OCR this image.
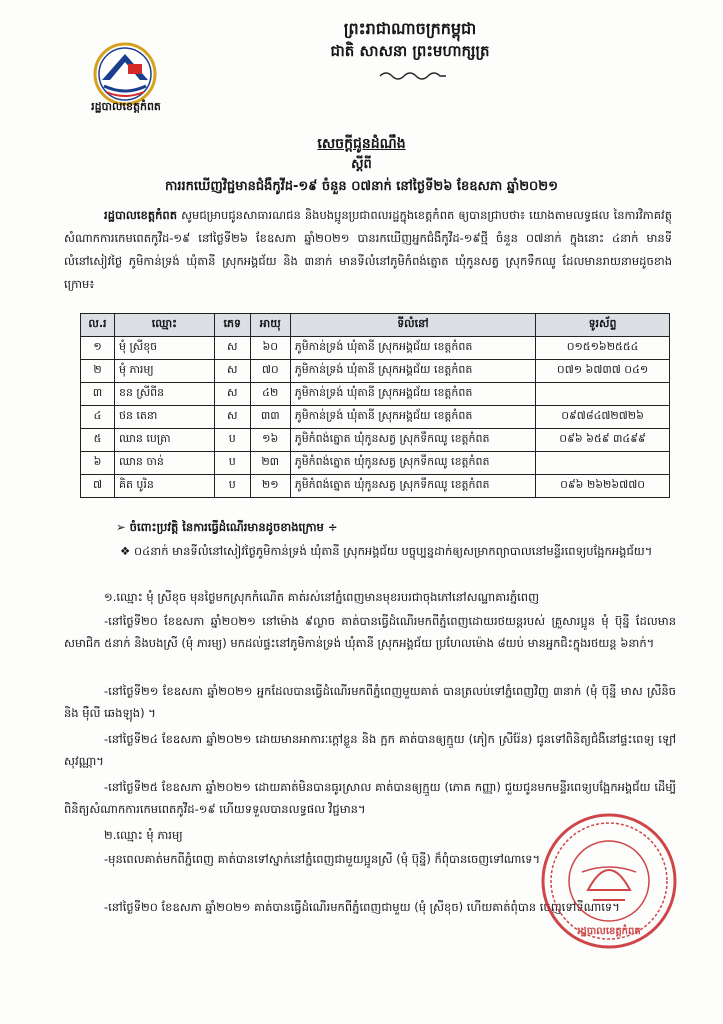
រដ្ឋបាលខេត្តកំពត
ព្រះរាជាណាចក្រកម្ពុជា
ជាតិ សាសនា ព្រះមហាក្សត្រ
សេចក្តីជូនដំណឹង
ស្តីពី
ការរកឃើញវិជ្ជមានជំងឺកូវីដ-១៩ ចំនួន ០៧នាក់ នៅថ្ងៃទី២៦ ខែឧសភា ឆ្នាំ២០២១
រដ្ឋបាលខេត្តកំពត សូមជម្រាបជូនសាធារណជន និងបងប្អូនប្រជាពលរដ្ឋក្នុងខេត្តកំពត ឲ្យបានជ្រាបថា៖ យោងតាមលទ្ធផល នៃការវិភាគវត្ថុសំណាកការកេមពេតកូវីដ-១៩ នៅថ្ងៃទី២៦ ខែឧសភា ឆ្នាំ២០២១ បានរកឃើញអ្នកជំងឺកូវីដ-១៩ថ្មី ចំនួន ០៧នាក់ ក្នុងនោះ ៤នាក់ មានទីលំនៅសៀវថ្ងៃ ភូមិកាន់ទ្រង់ ឃុំតានី ស្រុកអង្គជ័យ និង ៣នាក់ មានទីលំនៅភូមិកំពង់ត្នោត ឃុំកូនសត្វ ស្រុកទឹកឈូ ដែលមានរាយនាមដូចខាងក្រោម៖
ល.រ	ឈ្មោះ	ភេទ	អាយុ	ទីលំនៅ	ទូរស័ព្ទ
១	មុំ ស្រីខុច	ស	៦០	ភូមិកាន់ទ្រង់ ឃុំតានី ស្រុកអង្គជ័យ ខេត្តកំពត	០១៥១៦២៥៥៤
២	មុំ ភារម្យ	ស	៧០	ភូមិកាន់ទ្រង់ ឃុំតានី ស្រុកអង្គជ័យ ខេត្តកំពត	០៧១ ៦៧៣៧ ០៤១
៣	ខន ស្រីពីន	ស	៤២	ភូមិកាន់ទ្រង់ ឃុំតានី ស្រុកអង្គជ័យ ខេត្តកំពត	
៤	ថន តេនា	ស	៣៣	ភូមិកាន់ទ្រង់ ឃុំតានី ស្រុកអង្គជ័យ ខេត្តកំពត	០៩៧៨៤៧២៧២៦
៥	ឈាន បេត្រា	ប	១៦	ភូមិកំពង់ត្នោត ឃុំកូនសត្វ ស្រុកទឹកឈូ ខេត្តកំពត	០៩៦ ៦៥៩ ៣៤៩៩
៦	ឈាន ចាន់	ប	២៣	ភូមិកំពង់ត្នោត ឃុំកូនសត្វ ស្រុកទឹកឈូ ខេត្តកំពត	
៧	គិត បូរិន	ប	២១	ភូមិកំពង់ត្នោត ឃុំកូនសត្វ ស្រុកទឹកឈូ ខេត្តកំពត	០៩៦ ២៦២៦៧៧០
➢ ចំពោះប្រវត្តិ នៃការធ្វើដំណើរមានដូចខាងក្រោម ÷
❖ ០៤នាក់ មានទីលំនៅសៀវថ្ងៃភូមិកាន់ទ្រង់ ឃុំតានី ស្រុកអង្គជ័យ បច្ចុប្បន្នដាក់ឲ្យសម្រាកព្យាបាលនៅមន្ទីរពេទ្យបង្អែកអង្គជ័យ។
១.ឈ្មោះ មុំ ស្រីខុច មុនថ្ងៃមកស្រុកកំណើត គាត់រស់នៅភ្នំពេញមានមុខរបរជាចុងភៅនៅសណ្ឋាគារភ្នំពេញ
-នៅថ្ងៃទី២០ ខែឧសភា ឆ្នាំ២០២១ នៅម៉ោង ៩ល្ងាច គាត់បានធ្វើដំណើរមកពីភ្នំពេញដោយរថយន្តរបស់ គ្រួសារប្អូន មុំ ប៊ុន្នី ដែលមានសមាជិក ៥នាក់ និងបងស្រី (មុំ ភារម្យ) មកដល់ផ្ទះនៅភូមិកាន់ទ្រង់ ឃុំតានី ស្រុកអង្គជ័យ ប្រហែលម៉ោង ៨យប់ មានអ្នកជិះក្នុងរថយន្ត ៦នាក់។
-នៅថ្ងៃទី២១ ខែឧសភា ឆ្នាំ២០២១ អ្នកដែលបានធ្វើដំណើរមកពីភ្នំពេញមួយគាត់ បានត្រលប់ទៅភ្នំពេញវិញ ៣នាក់ (មុំ ប៊ុន្នី មាស ស្រីនិច និង ម៉ឺលី ឆេងឡុង) ។
-នៅថ្ងៃទី២៤ ខែឧសភា ឆ្នាំ២០២១ ដោយមានអាការៈក្តៅខ្លួន និង ក្អក គាត់បានឲ្យក្មួយ (ភៀក ស្រីរ៉ែន) ជូនទៅពិនិត្យជំងឺនៅផ្ទះពេទ្យ ឡៅ សុវណ្ណា។
-នៅថ្ងៃទី២៥ ខែឧសភា ឆ្នាំ២០២១ ដោយគាត់មិនបានធូរស្រាល គាត់បានឲ្យក្មួយ (ភោគ កញ្ញា) ជួយជូនមកមន្ទីរពេទ្យបង្អែកអង្គជ័យ ដើម្បីពិនិត្យសំណាកការកេមពេតកូវីដ-១៩ ហើយទទួលបានលទ្ធផល វិជ្ជមាន។
២.ឈ្មោះ មុំ ភារម្យ
-មុនពេលគាត់មកពីភ្នំពេញ គាត់បានទៅស្នាក់នៅភ្នំពេញជាមួយប្អូនស្រី (មុំ ប៊ុន្នី) ក៏ពុំបានចេញទៅណាទេ។
-នៅថ្ងៃទី២០ ខែឧសភា ឆ្នាំ២០២១ គាត់បានធ្វើដំណើរមកពីភ្នំពេញជាមួយ (មុំ ស្រីខុច) ហើយគាត់ពុំបាន ចេញទៅទីណាទេ។
រដ្ឋបាលខេត្តកំពត
